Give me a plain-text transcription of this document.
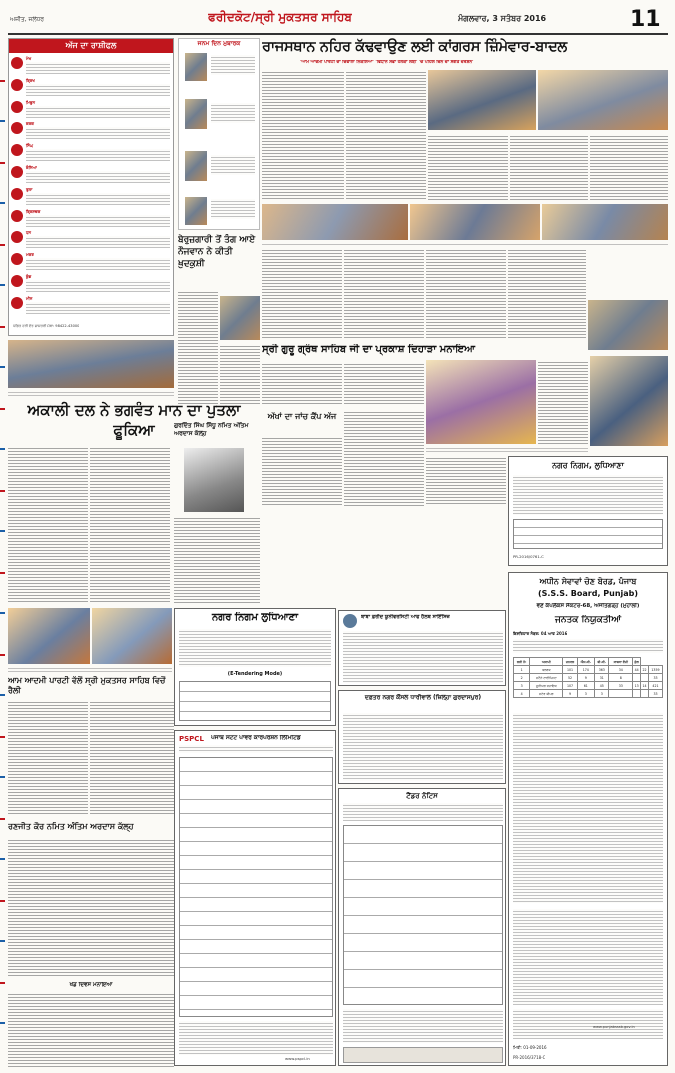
ਅਜੀਤ, ਜਲੰਧਰ	ਫਰੀਦਕੋਟ/ਸ੍ਰੀ ਮੁਕਤਸਰ ਸਾਹਿਬ	ਮੰਗਲਵਾਰ, 3 ਸਤੰਬਰ 2016	11
ਅੱਜ ਦਾ ਰਾਸ਼ੀਫਲ
ਮੇਖ
ਬ੍ਰਿਖ
ਮਿਥੁਨ
ਕਰਕ
ਸਿੰਘ
ਕੰਨਿਆ
ਤੁਲਾ
ਬ੍ਰਿਸ਼ਚਕ
ਧਨ
ਮਕਰ
ਕੁੰਭ
ਮੀਨ
ਪੰਡਿਤ ਹਰੀ ਦੱਤ ਸ਼ਾਸਤਰੀ ਮੋਬਾ: 98422-43000
ਜਨਮ ਦਿਨ ਮੁਬਾਰਕ	ਰਾਜਸਥਾਨ ਨਹਿਰ ਕੱਢਵਾਉਣ ਲਈ ਕਾਂਗਰਸ ਜ਼ਿੰਮੇਵਾਰ-ਬਾਦਲ
'ਆਮ ਆਦਮੀ ਪਾਰਟੀ ਦਾ ਦਿਵਾਲਾ ਨਿਕਲਿਆ' 'ਵਿਧਾਨ ਸਭਾ ਹਲਕਾ ਲੰਬੀ' 'ਚ ਪਹਿਲੇ ਦਿਨ ਦਾ ਸੰਗਤ ਦਰਸ਼ਨ'
ਬੇਰੁਜ਼ਗਾਰੀ ਤੋਂ ਤੰਗ ਆਏ ਨੌਜਵਾਨ ਨੇ ਕੀਤੀ ਖ਼ੁਦਕੁਸ਼ੀ
ਸ੍ਰੀ ਗੁਰੂ ਗ੍ਰੰਥ ਸਾਹਿਬ ਜੀ ਦਾ ਪ੍ਰਕਾਸ਼ ਦਿਹਾੜਾ ਮਨਾਇਆ
ਅਕਾਲੀ ਦਲ ਨੇ ਭਗਵੰਤ ਮਾਨ ਦਾ ਪੁਤਲਾ ਫੂਕਿਆ	ਗੁਰਦਿੱਤ ਸਿੰਘ ਸਿੱਧੂ ਨਮਿਤ ਅੰਤਿਮ ਅਰਦਾਸ ਕੱਲ੍ਹ
ਅੱਖਾਂ ਦਾ ਜਾਂਚ ਕੈਂਪ ਅੱਜ
ਨਗਰ ਨਿਗਮ, ਲੁਧਿਆਣਾ
PR-2016/0761-C
ਨਗਰ ਨਿਗਮ ਲੁਧਿਆਣਾ
(E-Tendering Mode)
ਆਮ ਆਦਮੀ ਪਾਰਟੀ ਵੱਲੋਂ ਸ੍ਰੀ ਮੁਕਤਸਰ ਸਾਹਿਬ ਵਿਚੋਂ ਰੈਲੀ
ਰਣਜੀਤ ਕੌਰ ਨਮਿਤ ਅੰਤਿਮ ਅਰਦਾਸ ਕੱਲ੍ਹ
ਖੇਡ ਦਿਵਸ ਮਨਾਇਆ
PSPCL ਪੰਜਾਬ ਸਟੇਟ ਪਾਵਰ ਕਾਰਪੋਰੇਸ਼ਨ ਲਿਮਿਟਿਡ
www.pspcl.in
ਬਾਬਾ ਫ਼ਰੀਦ ਯੂਨੀਵਰਸਿਟੀ ਆਫ ਹੈਲਥ ਸਾਇੰਸਿਜ਼
ਦਫ਼ਤਰ ਨਗਰ ਕੌਂਸਲ ਧਾਰੀਵਾਲ (ਜ਼ਿਲ੍ਹਾ ਗੁਰਦਾਸਪੁਰ)
ਟੈਂਡਰ ਨੋਟਿਸ
ਅਧੀਨ ਸੇਵਾਵਾਂ ਚੋਣ ਬੋਰਡ, ਪੰਜਾਬ
(S.S.S. Board, Punjab)
ਵਣ ਕੰਪਲੈਕਸ ਸੈਕਟਰ-68, ਅਜੀਤਗੜ੍ਹ (ਮੁਹਾਲੀ)
ਜਨਤਕ ਨਿਯੁਕਤੀਆਂ
ਇਸ਼ਤਿਹਾਰ ਨੰਬਰ: 04 ਆਫ 2016
ਲੜੀ ਨੰ:	ਅਸਾਮੀ	ਜਨਰਲ	ਐਸ.ਸੀ.	ਬੀ.ਸੀ.	ਸਾਬਕਾ ਫੌਜੀ	ਕੁੱਲ		
1	ਕਲਰਕ	101	174	363	34	44	22	1359
2	ਸਟੈਨੋ ਟਾਈਪਿਸਟ	52	9	31	8			33
3	ਜੂਨੀਅਰ ਸਹਾਇਕ	107	61	45	33	13	14	421
4	ਸਟੋਰ ਕੀਪਰ	9	3	3				33
www.punjabsssb.gov.in
ਮਿਤੀ: 01-09-2016
PR-2016/3718-C
